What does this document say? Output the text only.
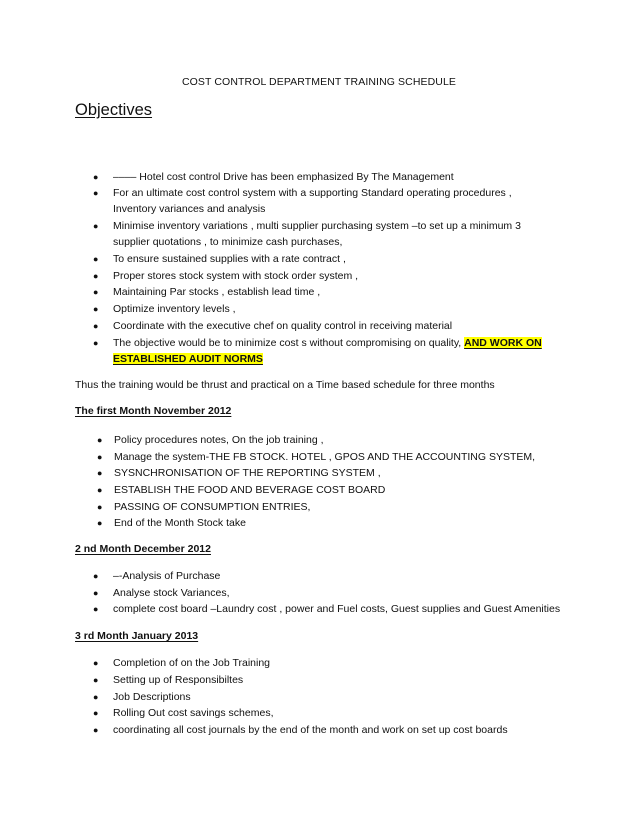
COST CONTROL DEPARTMENT TRAINING SCHEDULE
Objectives
●
–––– Hotel cost control Drive has been emphasized By The Management
●
For an ultimate cost control system with a supporting Standard operating procedures ,
Inventory variances and analysis
●
Minimise inventory variations , multi supplier purchasing system –to set up a minimum 3
supplier quotations , to minimize cash purchases,
●
To ensure sustained supplies with a rate contract ,
●
Proper stores stock system with stock order system ,
●
Maintaining Par stocks , establish lead time ,
●
Optimize inventory levels ,
●
Coordinate with the executive chef on quality control in receiving material
●
The objective would be to minimize cost s without compromising on quality, AND WORK ON
ESTABLISHED AUDIT NORMS
Thus the training would be thrust and practical on a Time based schedule for three months
The first Month November 2012
●
Policy procedures notes, On the job training ,
●
Manage the system-THE FB STOCK. HOTEL , GPOS AND THE ACCOUNTING SYSTEM,
●
SYSNCHRONISATION OF THE REPORTING SYSTEM ,
●
ESTABLISH THE FOOD AND BEVERAGE COST BOARD
●
PASSING OF CONSUMPTION ENTRIES,
●
End of the Month Stock take
2 nd Month December 2012
●
–-Analysis of Purchase
●
Analyse stock Variances,
●
complete cost board –Laundry cost , power and Fuel costs, Guest supplies and Guest Amenities
3 rd Month January 2013
●
Completion of on the Job Training
●
Setting up of Responsibiltes
●
Job Descriptions
●
Rolling Out cost savings schemes,
●
coordinating all cost journals by the end of the month and work on set up cost boards
